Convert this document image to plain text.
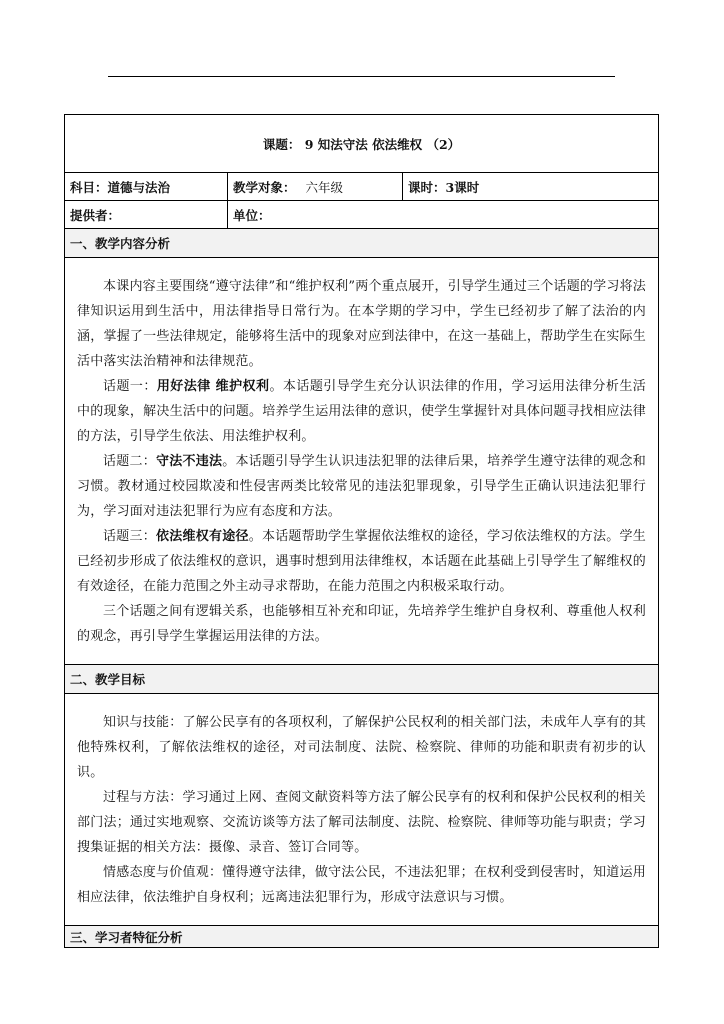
课题： 9 知法守法 依法维权 （2）		
科目：道德与法治	教学对象： 六年级	课时：3课时
提供者：	单位：	
一、教学内容分析		

本课内容主要围绕“遵守法律”和“维护权利”两个重点展开，引导学生通过三个话题的学习将法律知识运用到生活中，用法律指导日常行为。在本学期的学习中，学生已经初步了解了法治的内涵，掌握了一些法律规定，能够将生活中的现象对应到法律中，在这一基础上，帮助学生在实际生活中落实法治精神和法律规范。

话题一：用好法律 维护权利。本话题引导学生充分认识法律的作用，学习运用法律分析生活中的现象，解决生活中的问题。培养学生运用法律的意识，使学生掌握针对具体问题寻找相应法律的方法，引导学生依法、用法维护权利。

话题二：守法不违法。本话题引导学生认识违法犯罪的法律后果，培养学生遵守法律的观念和习惯。教材通过校园欺凌和性侵害两类比较常见的违法犯罪现象，引导学生正确认识违法犯罪行为，学习面对违法犯罪行为应有态度和方法。

话题三：依法维权有途径。本话题帮助学生掌握依法维权的途径，学习依法维权的方法。学生已经初步形成了依法维权的意识，遇事时想到用法律维权，本话题在此基础上引导学生了解维权的有效途径，在能力范围之外主动寻求帮助，在能力范围之内积极采取行动。

三个话题之间有逻辑关系，也能够相互补充和印证，先培养学生维护自身权利、尊重他人权利的观念，再引导学生掌握运用法律的方法。		

二、教学目标		

知识与技能：了解公民享有的各项权利，了解保护公民权利的相关部门法，未成年人享有的其他特殊权利，了解依法维权的途径，对司法制度、法院、检察院、律师的功能和职责有初步的认识。

过程与方法：学习通过上网、查阅文献资料等方法了解公民享有的权利和保护公民权利的相关部门法；通过实地观察、交流访谈等方法了解司法制度、法院、检察院、律师等功能与职责；学习搜集证据的相关方法：摄像、录音、签订合同等。

情感态度与价值观：懂得遵守法律，做守法公民，不违法犯罪；在权利受到侵害时，知道运用相应法律，依法维护自身权利；远离违法犯罪行为，形成守法意识与习惯。		

三、学习者特征分析		
